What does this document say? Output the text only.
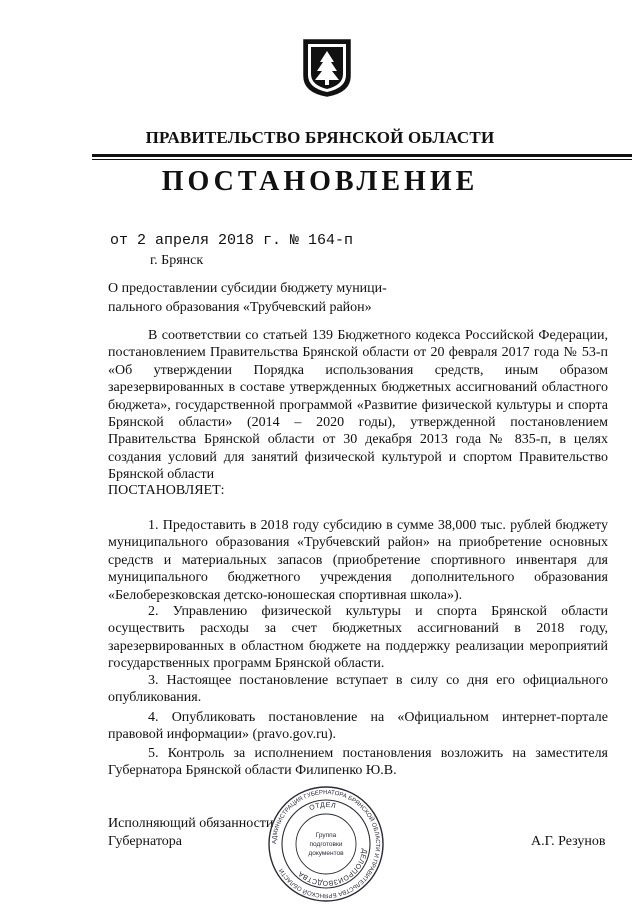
ПРАВИТЕЛЬСТВО БРЯНСКОЙ ОБЛАСТИ
ПОСТАНОВЛЕНИЕ
от 2 апреля 2018 г. № 164-п
г. Брянск
О предоставлении субсидии бюджету муници-
пального образования «Трубчевский район»
В соответствии со статьей 139 Бюджетного кодекса Российской Федерации, постановлением Правительства Брянской области от 20 февраля 2017 года № 53-п «Об утверждении Порядка использования средств, иным образом зарезервированных в составе утвержденных бюджетных ассигнований областного бюджета», государственной программой «Развитие физической культуры и спорта Брянской области» (2014 – 2020 годы), утвержденной постановлением Правительства Брянской области от 30 декабря 2013 года № 835-п, в целях создания условий для занятий физической культурой и спортом Правительство Брянской области
ПОСТАНОВЛЯЕТ:
1. Предоставить в 2018 году субсидию в сумме 38,000 тыс. рублей бюджету муниципального образования «Трубчевский район» на приобретение основных средств и материальных запасов (приобретение спортивного инвентаря для муниципального бюджетного учреждения дополнительного образования «Белоберезковская детско-юношеская спортивная школа»).
2. Управлению физической культуры и спорта Брянской области осуществить расходы за счет бюджетных ассигнований в 2018 году, зарезервированных в областном бюджете на поддержку реализации мероприятий государственных программ Брянской области.
3. Настоящее постановление вступает в силу со дня его официального опубликования.
4. Опубликовать постановление на «Официальном интернет-портале правовой информации» (pravo.gov.ru).
5. Контроль за исполнением постановления возложить на заместителя Губернатора Брянской области Филипенко Ю.В.
Исполняющий обязанности
Губернатора	А.Г. Резунов
АДМИНИСТРАЦИЯ ГУБЕРНАТОРА БРЯНСКОЙ ОБЛАСТИ И ПРАВИТЕЛЬСТВА БРЯНСКОЙ ОБЛАСТИ
ОТДЕЛ
ДЕЛОПРОИЗВОДСТВА
Группа
подготовки
документов
